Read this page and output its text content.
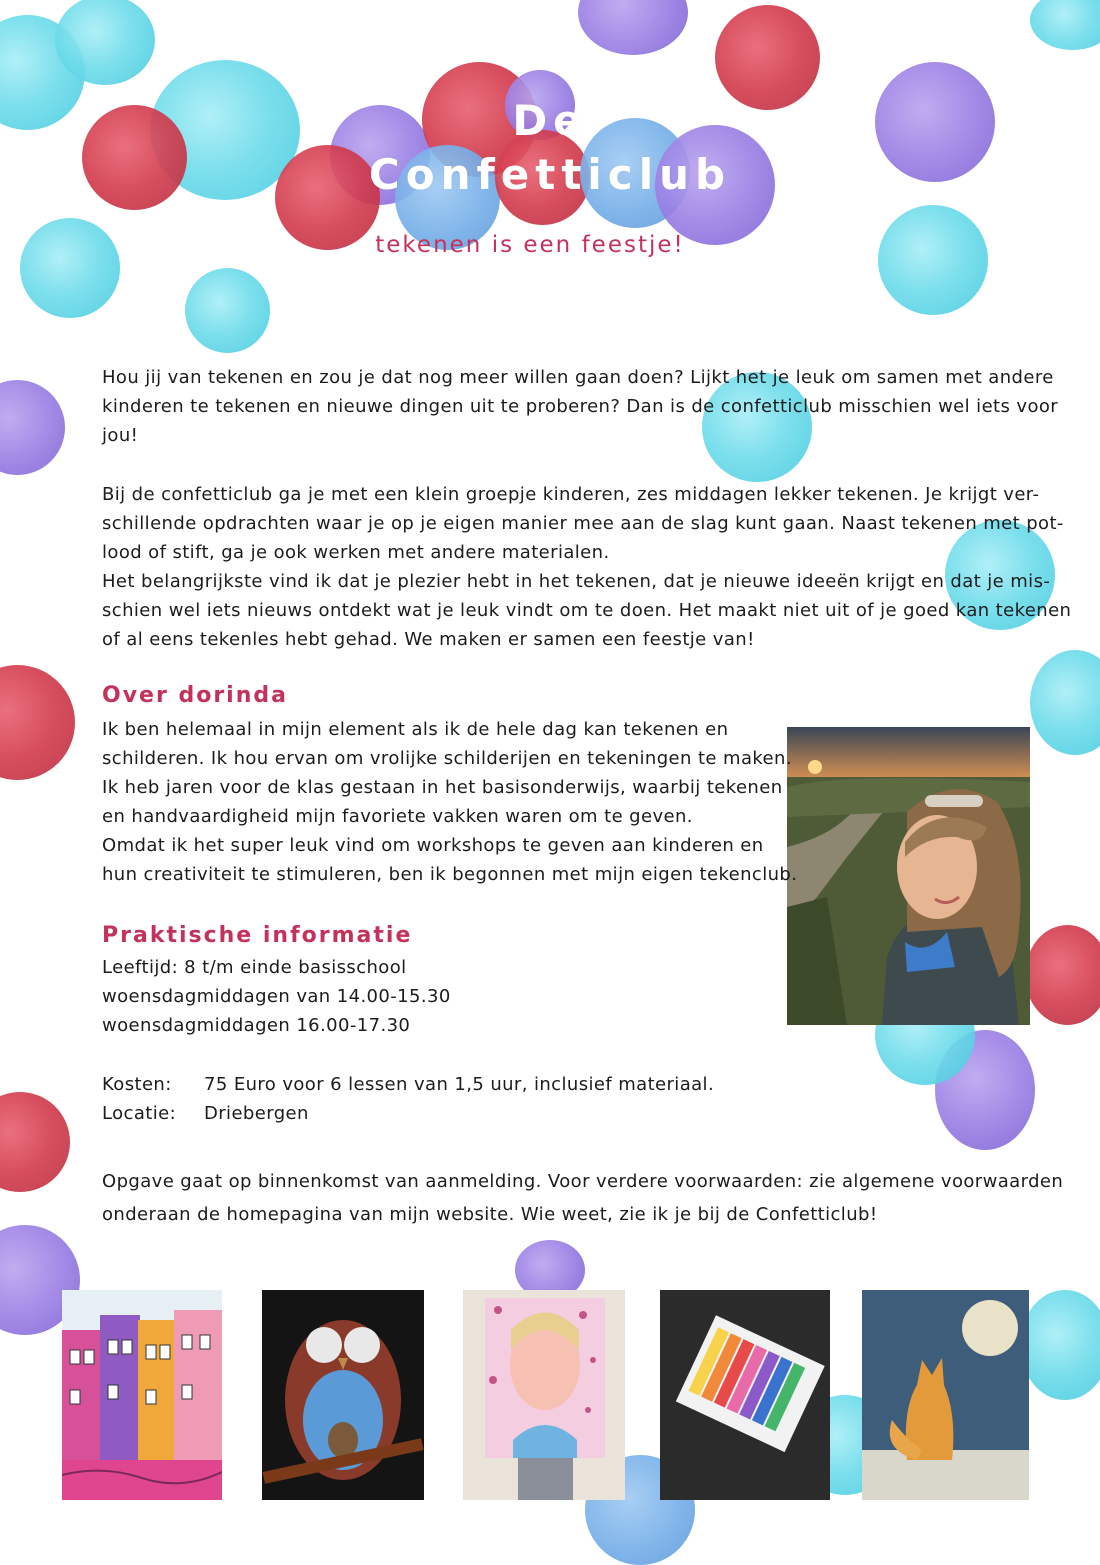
De
Confetticlub
tekenen is een feestje!

Hou jij van tekenen en zou je dat nog meer willen gaan doen? Lijkt het je leuk om samen met andere

kinderen te tekenen en nieuwe dingen uit te proberen? Dan is de confetticlub misschien wel iets voor

jou!

Bij de confetticlub ga je met een klein groepje kinderen, zes middagen lekker tekenen. Je krijgt ver-

schillende opdrachten waar je op je eigen manier mee aan de slag kunt gaan. Naast tekenen met pot-

lood of stift, ga je ook werken met andere materialen.

Het belangrijkste vind ik dat je plezier hebt in het tekenen, dat je nieuwe ideeën krijgt en dat je mis-

schien wel iets nieuws ontdekt wat je leuk vindt om te doen. Het maakt niet uit of je goed kan tekenen

of al eens tekenles hebt gehad. We maken er samen een feestje van!

Over dorinda

Ik ben helemaal in mijn element als ik de hele dag kan tekenen en

schilderen. Ik hou ervan om vrolijke schilderijen en tekeningen te maken.

Ik heb jaren voor de klas gestaan in het basisonderwijs, waarbij tekenen

en handvaardigheid mijn favoriete vakken waren om te geven.

Omdat ik het super leuk vind om workshops te geven aan kinderen en

hun creativiteit te stimuleren, ben ik begonnen met mijn eigen tekenclub.

Praktische informatie

Leeftijd: 8 t/m einde basisschool

woensdagmiddagen van 14.00-15.30

woensdagmiddagen 16.00-17.30

Kosten:	75 Euro voor 6 lessen van 1,5 uur, inclusief materiaal.
Locatie:	Driebergen

Opgave gaat op binnenkomst van aanmelding. Voor verdere voorwaarden: zie algemene voorwaarden

onderaan de homepagina van mijn website. Wie weet, zie ik je bij de Confetticlub!
